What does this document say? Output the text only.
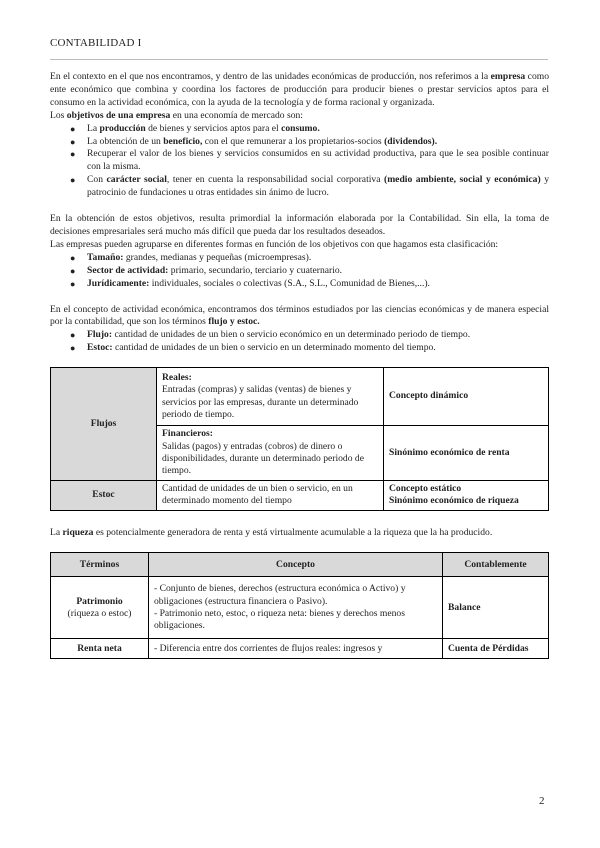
CONTABILIDAD I

En el contexto en el que nos encontramos, y dentro de las unidades económicas de producción, nos referimos a la empresa como ente económico que combina y coordina los factores de producción para producir bienes o prestar servicios aptos para el consumo en la actividad económica, con la ayuda de la tecnología y de forma racional y organizada.

Los objetivos de una empresa en una economía de mercado son:

● La producción de bienes y servicios aptos para el consumo.
● La obtención de un beneficio, con el que remunerar a los propietarios-socios (dividendos).
● Recuperar el valor de los bienes y servicios consumidos en su actividad productiva, para que le sea posible continuar con la misma.
● Con carácter social, tener en cuenta la responsabilidad social corporativa (medio ambiente, social y económica) y patrocinio de fundaciones u otras entidades sin ánimo de lucro.

En la obtención de estos objetivos, resulta primordial la información elaborada por la Contabilidad. Sin ella, la toma de decisiones empresariales será mucho más difícil que pueda dar los resultados deseados.

Las empresas pueden agruparse en diferentes formas en función de los objetivos con que hagamos esta clasificación:

● Tamaño: grandes, medianas y pequeñas (microempresas).
● Sector de actividad: primario, secundario, terciario y cuaternario.
● Jurídicamente: individuales, sociales o colectivas (S.A., S.L., Comunidad de Bienes,...).

En el concepto de actividad económica, encontramos dos términos estudiados por las ciencias económicas y de manera especial por la contabilidad, que son los términos flujo y estoc.

● Flujo: cantidad de unidades de un bien o servicio económico en un determinado periodo de tiempo.
● Estoc: cantidad de unidades de un bien o servicio en un determinado momento del tiempo.
Flujos	Reales:
Entradas (compras) y salidas (ventas) de bienes y servicios por las empresas, durante un determinado periodo de tiempo.	Concepto dinámico
	Financieros:
Salidas (pagos) y entradas (cobros) de dinero o disponibilidades, durante un determinado periodo de tiempo.	Sinónimo económico de renta
Estoc	Cantidad de unidades de un bien o servicio, en un determinado momento del tiempo	Concepto estático
Sinónimo económico de riqueza

La riqueza es potencialmente generadora de renta y está virtualmente acumulable a la riqueza que la ha producido.

Términos	Concepto	Contablemente
Patrimonio
(riqueza o estoc)	- Conjunto de bienes, derechos (estructura económica o Activo) y obligaciones (estructura financiera o Pasivo).
- Patrimonio neto, estoc, o riqueza neta: bienes y derechos menos obligaciones.	Balance
Renta neta	- Diferencia entre dos corrientes de flujos reales: ingresos y	Cuenta de Pérdidas
2
